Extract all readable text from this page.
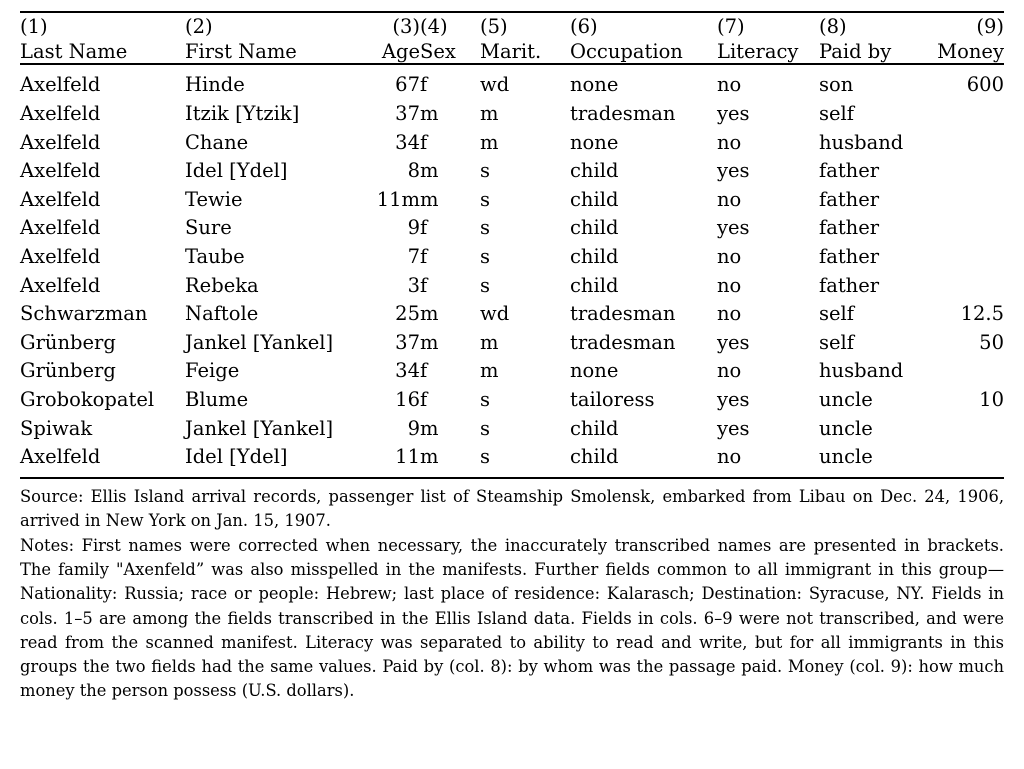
(1)	(2)	(3)	(4)	(5)	(6)	(7)	(8)	(9)
Last Name	First Name	Age	Sex	Marit.	Occupation	Literacy	Paid by	Money
Axelfeld	Hinde	67	f	wd	none	no	son	600
Axelfeld	Itzik [Ytzik]	37	m	m	tradesman	yes	self	
Axelfeld	Chane	34	f	m	none	no	husband	
Axelfeld	Idel [Ydel]	8	m	s	child	yes	father	
Axelfeld	Tewie	11m	m	s	child	no	father	
Axelfeld	Sure	9	f	s	child	yes	father	
Axelfeld	Taube	7	f	s	child	no	father	
Axelfeld	Rebeka	3	f	s	child	no	father	
Schwarzman	Naftole	25	m	wd	tradesman	no	self	12.5
Grünberg	Jankel [Yankel]	37	m	m	tradesman	yes	self	50
Grünberg	Feige	34	f	m	none	no	husband	
Grobokopatel	Blume	16	f	s	tailoress	yes	uncle	10
Spiwak	Jankel [Yankel]	9	m	s	child	yes	uncle	
Axelfeld	Idel [Ydel]	11	m	s	child	no	uncle	

Source: Ellis Island arrival records, passenger list of Steamship Smolensk, embarked from Libau on Dec. 24, 1906, arrived in New York on Jan. 15, 1907.

Notes: First names were corrected when necessary, the inaccurately transcribed names are presented in brackets. The family "Axenfeld” was also misspelled in the manifests. Further fields common to all immigrant in this group—Nationality: Russia; race or people: Hebrew; last place of residence: Kalarasch; Destination: Syracuse, NY. Fields in cols. 1–5 are among the fields transcribed in the Ellis Island data. Fields in cols. 6–9 were not transcribed, and were read from the scanned manifest. Literacy was separated to ability to read and write, but for all immigrants in this groups the two fields had the same values. Paid by (col. 8): by whom was the passage paid. Money (col. 9): how much money the person possess (U.S. dollars).
